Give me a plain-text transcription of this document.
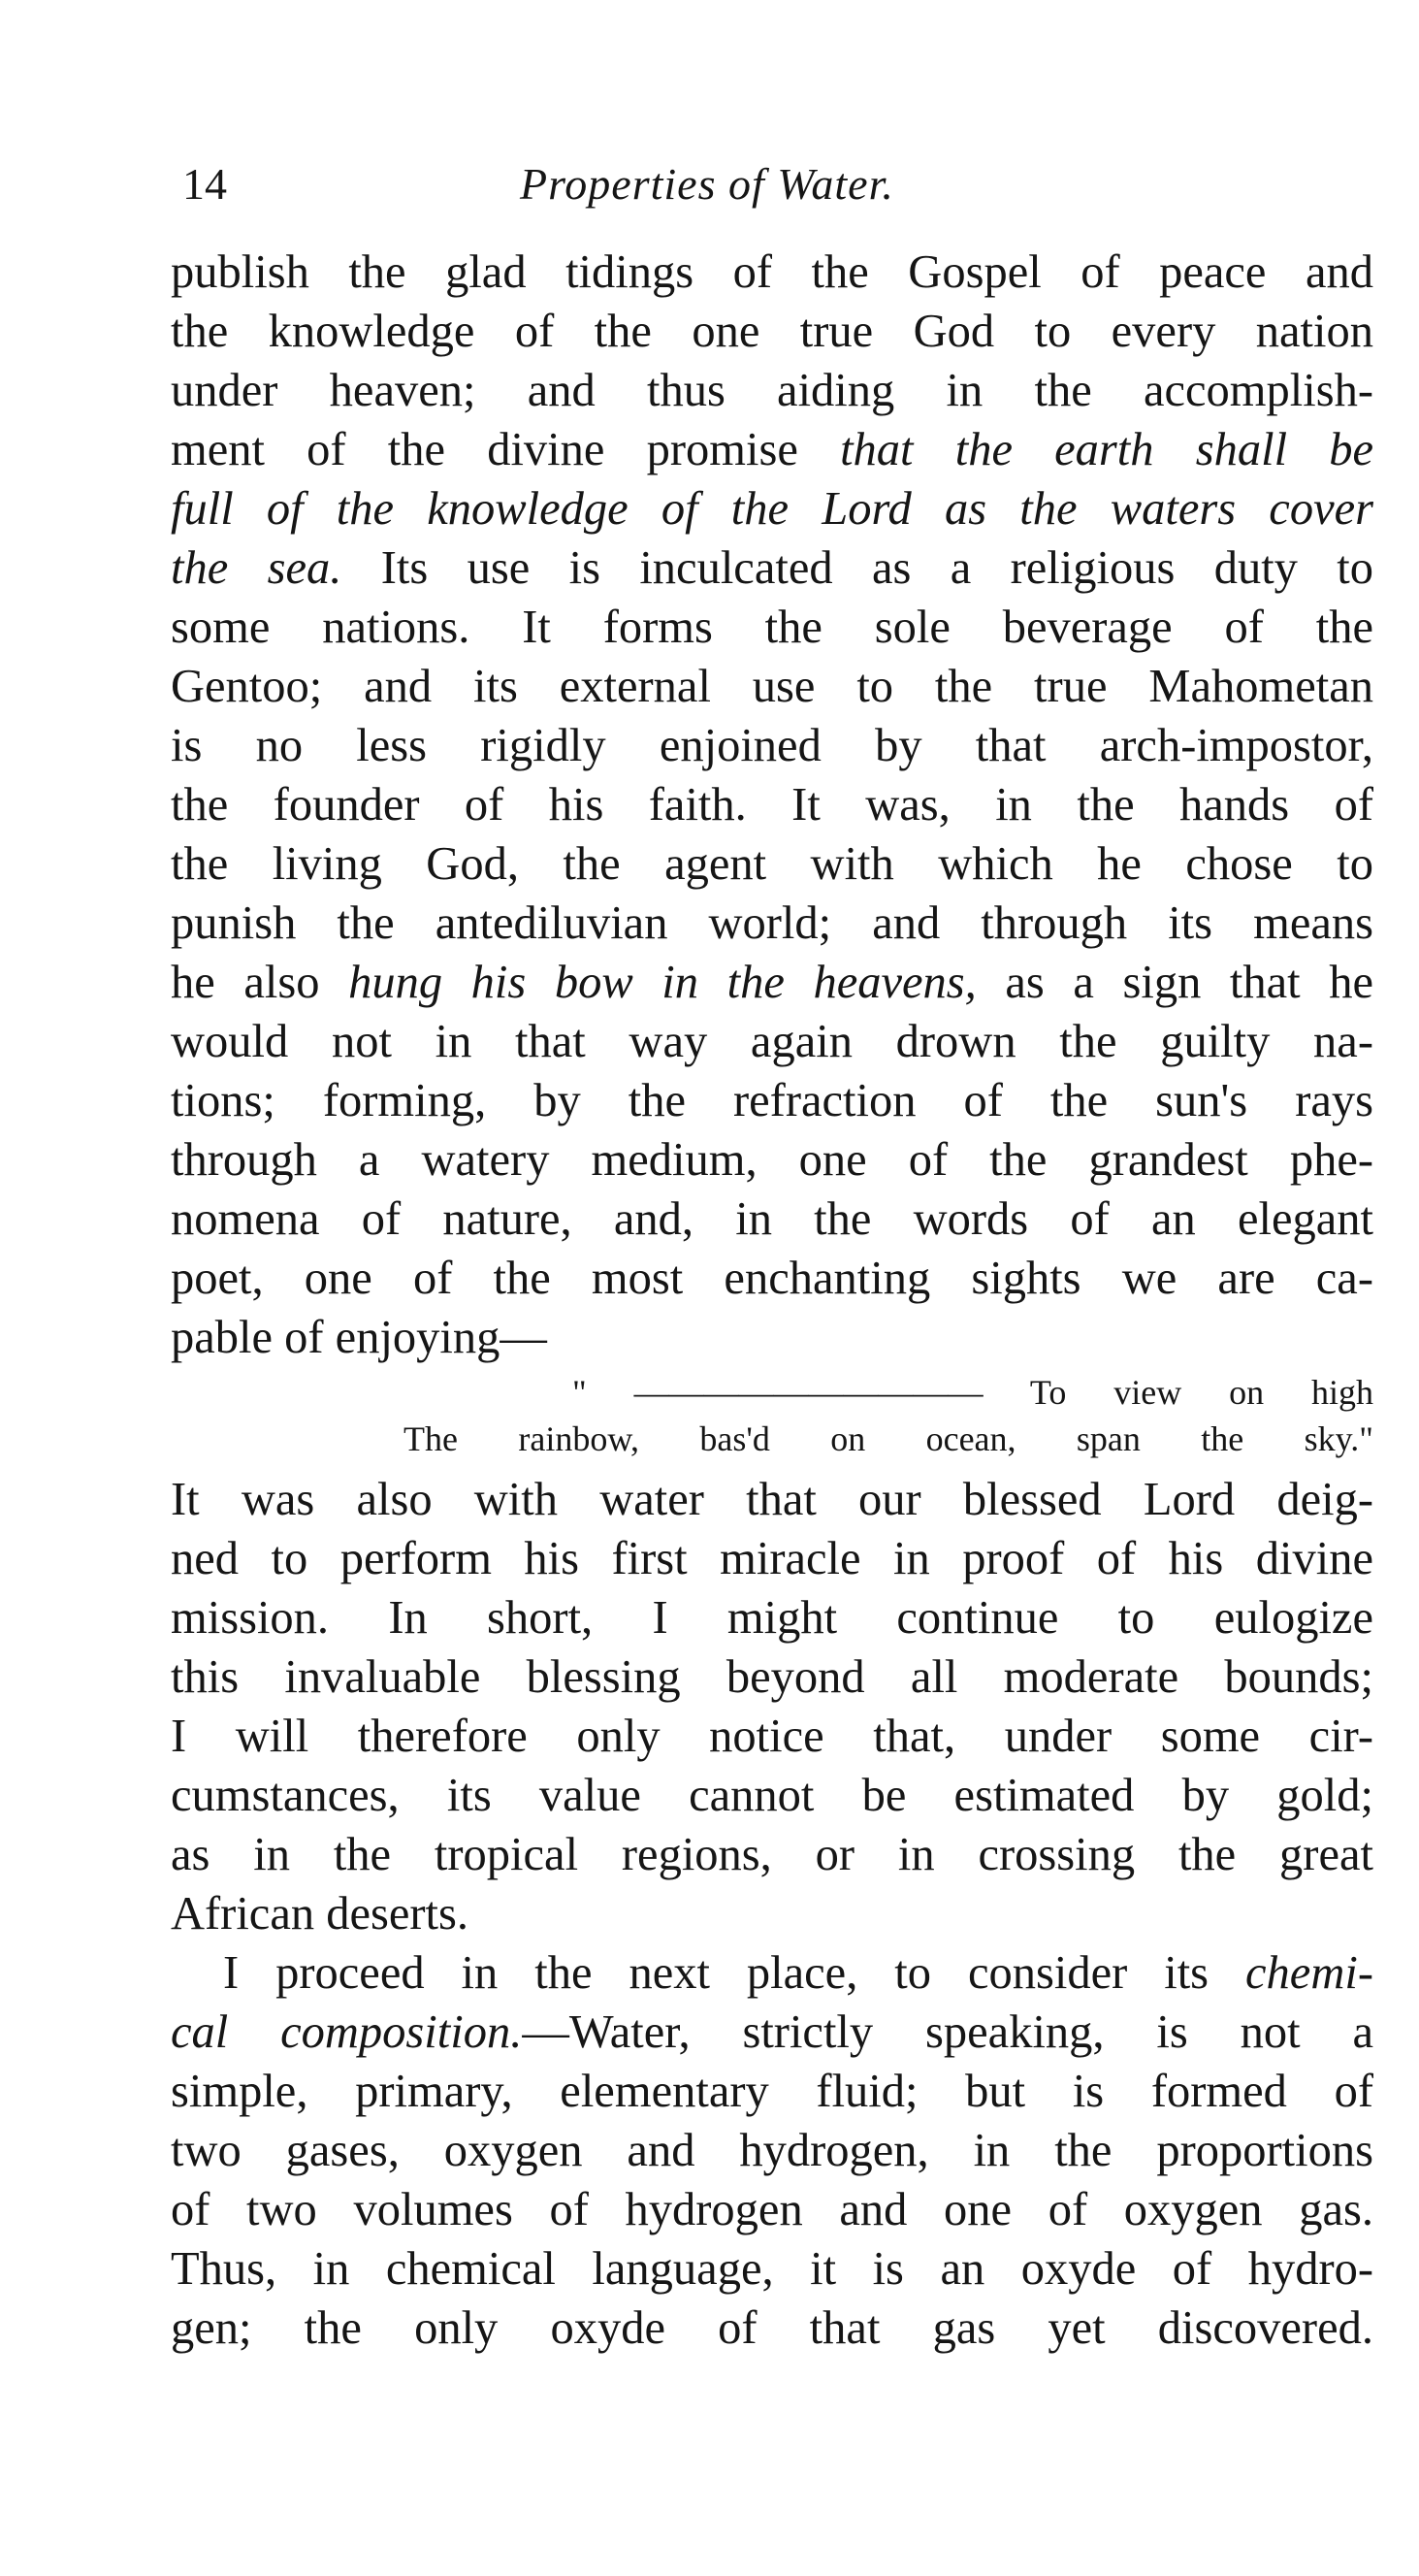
14	Properties of Water.
publish the glad tidings of the Gospel of peace and
the knowledge of the one true God to every nation
under heaven; and thus aiding in the accomplish-
ment of the divine promise that the earth shall be
full of the knowledge of the Lord as the waters cover
the sea. Its use is inculcated as a religious duty to
some nations. It forms the sole beverage of the
Gentoo; and its external use to the true Mahometan
is no less rigidly enjoined by that arch-impostor,
the founder of his faith. It was, in the hands of
the living God, the agent with which he chose to
punish the antediluvian world; and through its means
he also hung his bow in the heavens, as a sign that he
would not in that way again drown the guilty na-
tions; forming, by the refraction of the sun's rays
through a watery medium, one of the grandest phe-
nomena of nature, and, in the words of an elegant
poet, one of the most enchanting sights we are ca-
pable of enjoying—
" —————————— To view on high
The rainbow, bas'd on ocean, span the sky."
It was also with water that our blessed Lord deig-
ned to perform his first miracle in proof of his divine
mission. In short, I might continue to eulogize
this invaluable blessing beyond all moderate bounds;
I will therefore only notice that, under some cir-
cumstances, its value cannot be estimated by gold;
as in the tropical regions, or in crossing the great
African deserts.
I proceed in the next place, to consider its chemi-
cal composition.—Water, strictly speaking, is not a
simple, primary, elementary fluid; but is formed of
two gases, oxygen and hydrogen, in the proportions
of two volumes of hydrogen and one of oxygen gas.
Thus, in chemical language, it is an oxyde of hydro-
gen; the only oxyde of that gas yet discovered.
